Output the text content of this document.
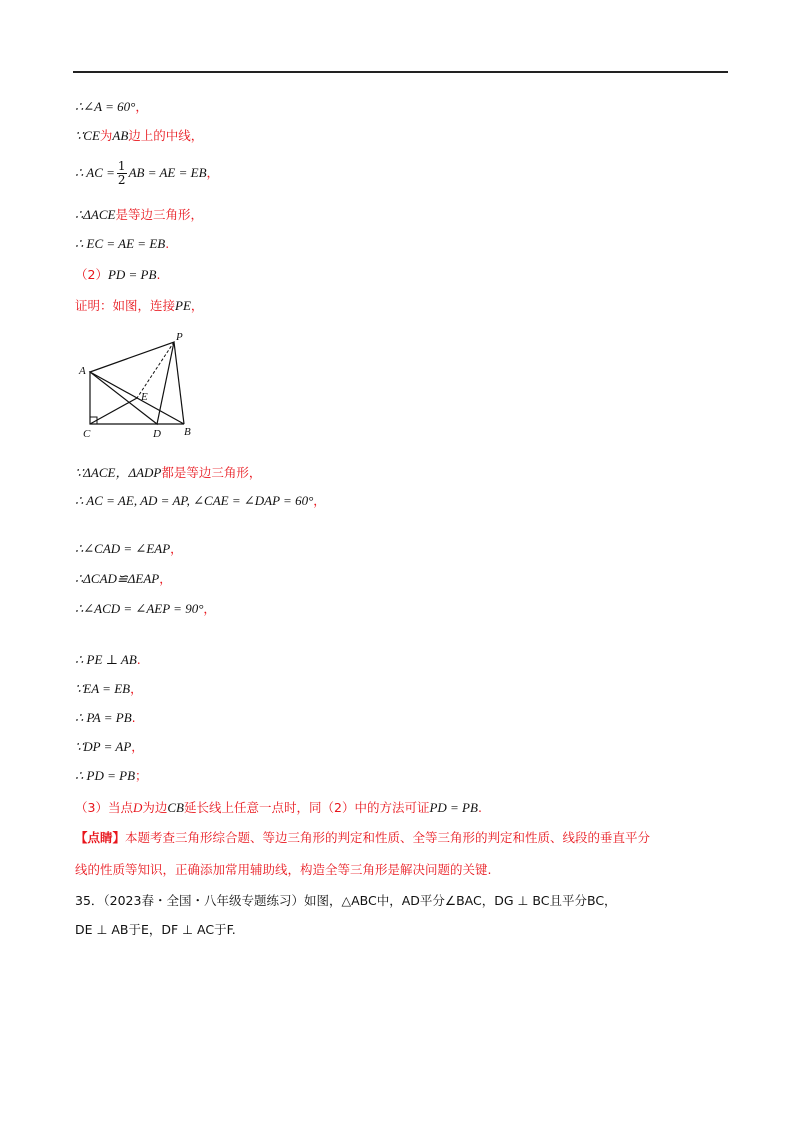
∴∠A = 60°，
∵CE为AB边上的中线，
∴ AC = $\frac{1}{2}$ AB = AE = EB，
∴ΔACE是等边三角形，
∴ EC = AE = EB.
（2）PD = PB.
证明：如图，连接PE，
P
A
E
C	D B
∵ΔACE，ΔADP都是等边三角形，
∴ AC = AE, AD = AP, ∠CAE = ∠DAP = 60°，
∴∠CAD = ∠EAP，
∴ΔCAD≌ΔEAP，
∴∠ACD = ∠AEP = 90°，
∴ PE ⊥ AB.
∵EA = EB，
∴ PA = PB.
∵DP = AP，
∴ PD = PB；
（3）当点D为边CB延长线上任意一点时，同（2）中的方法可证PD = PB.
【点睛】本题考查三角形综合题、等边三角形的判定和性质、全等三角形的判定和性质、线段的垂直平分
线的性质等知识，正确添加常用辅助线，构造全等三角形是解决问题的关键.
35．（2023春・全国・八年级专题练习）如图，△ABC中，AD平分∠BAC，DG ⊥ BC且平分BC，
DE ⊥ AB于E，DF ⊥ AC于F.
